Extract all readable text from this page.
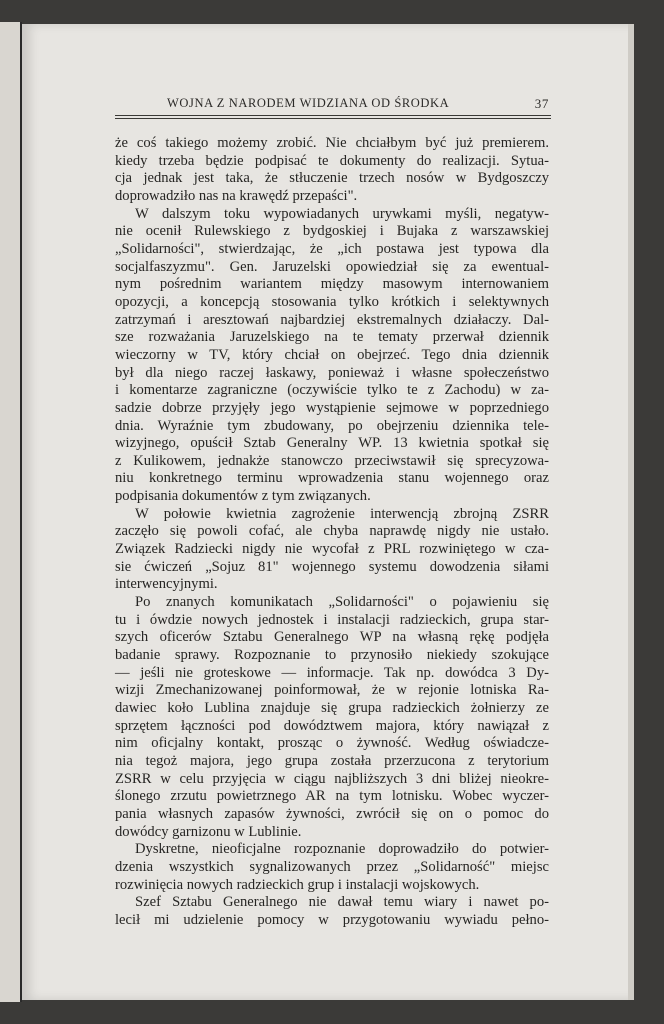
WOJNA Z NARODEM WIDZIANA OD ŚRODKA	37
że coś takiego możemy zrobić. Nie chciałbym być już premierem.
kiedy trzeba będzie podpisać te dokumenty do realizacji. Sytua-
cja jednak jest taka, że stłuczenie trzech nosów w Bydgoszczy
doprowadziło nas na krawędź przepaści".
W dalszym toku wypowiadanych urywkami myśli, negatyw-
nie ocenił Rulewskiego z bydgoskiej i Bujaka z warszawskiej
„Solidarności", stwierdzając, że „ich postawa jest typowa dla
socjalfaszyzmu". Gen. Jaruzelski opowiedział się za ewentual-
nym pośrednim wariantem między masowym internowaniem
opozycji, a koncepcją stosowania tylko krótkich i selektywnych
zatrzymań i aresztowań najbardziej ekstremalnych działaczy. Dal-
sze rozważania Jaruzelskiego na te tematy przerwał dziennik
wieczorny w TV, który chciał on obejrzeć. Tego dnia dziennik
był dla niego raczej łaskawy, ponieważ i własne społeczeństwo
i komentarze zagraniczne (oczywiście tylko te z Zachodu) w za-
sadzie dobrze przyjęły jego wystąpienie sejmowe w poprzedniego
dnia. Wyraźnie tym zbudowany, po obejrzeniu dziennika tele-
wizyjnego, opuścił Sztab Generalny WP. 13 kwietnia spotkał się
z Kulikowem, jednakże stanowczo przeciwstawił się sprecyzowa-
niu konkretnego terminu wprowadzenia stanu wojennego oraz
podpisania dokumentów z tym związanych.
W połowie kwietnia zagrożenie interwencją zbrojną ZSRR
zaczęło się powoli cofać, ale chyba naprawdę nigdy nie ustało.
Związek Radziecki nigdy nie wycofał z PRL rozwiniętego w cza-
sie ćwiczeń „Sojuz 81" wojennego systemu dowodzenia siłami
interwencyjnymi.
Po znanych komunikatach „Solidarności" o pojawieniu się
tu i ówdzie nowych jednostek i instalacji radzieckich, grupa star-
szych oficerów Sztabu Generalnego WP na własną rękę podjęła
badanie sprawy. Rozpoznanie to przynosiło niekiedy szokujące
— jeśli nie groteskowe — informacje. Tak np. dowódca 3 Dy-
wizji Zmechanizowanej poinformował, że w rejonie lotniska Ra-
dawiec koło Lublina znajduje się grupa radzieckich żołnierzy ze
sprzętem łączności pod dowództwem majora, który nawiązał z
nim oficjalny kontakt, prosząc o żywność. Według oświadcze-
nia tegoż majora, jego grupa została przerzucona z terytorium
ZSRR w celu przyjęcia w ciągu najbliższych 3 dni bliżej nieokre-
ślonego zrzutu powietrznego AR na tym lotnisku. Wobec wyczer-
pania własnych zapasów żywności, zwrócił się on o pomoc do
dowódcy garnizonu w Lublinie.
Dyskretne, nieoficjalne rozpoznanie doprowadziło do potwier-
dzenia wszystkich sygnalizowanych przez „Solidarność" miejsc
rozwinięcia nowych radzieckich grup i instalacji wojskowych.
Szef Sztabu Generalnego nie dawał temu wiary i nawet po-
lecił mi udzielenie pomocy w przygotowaniu wywiadu pełno-
